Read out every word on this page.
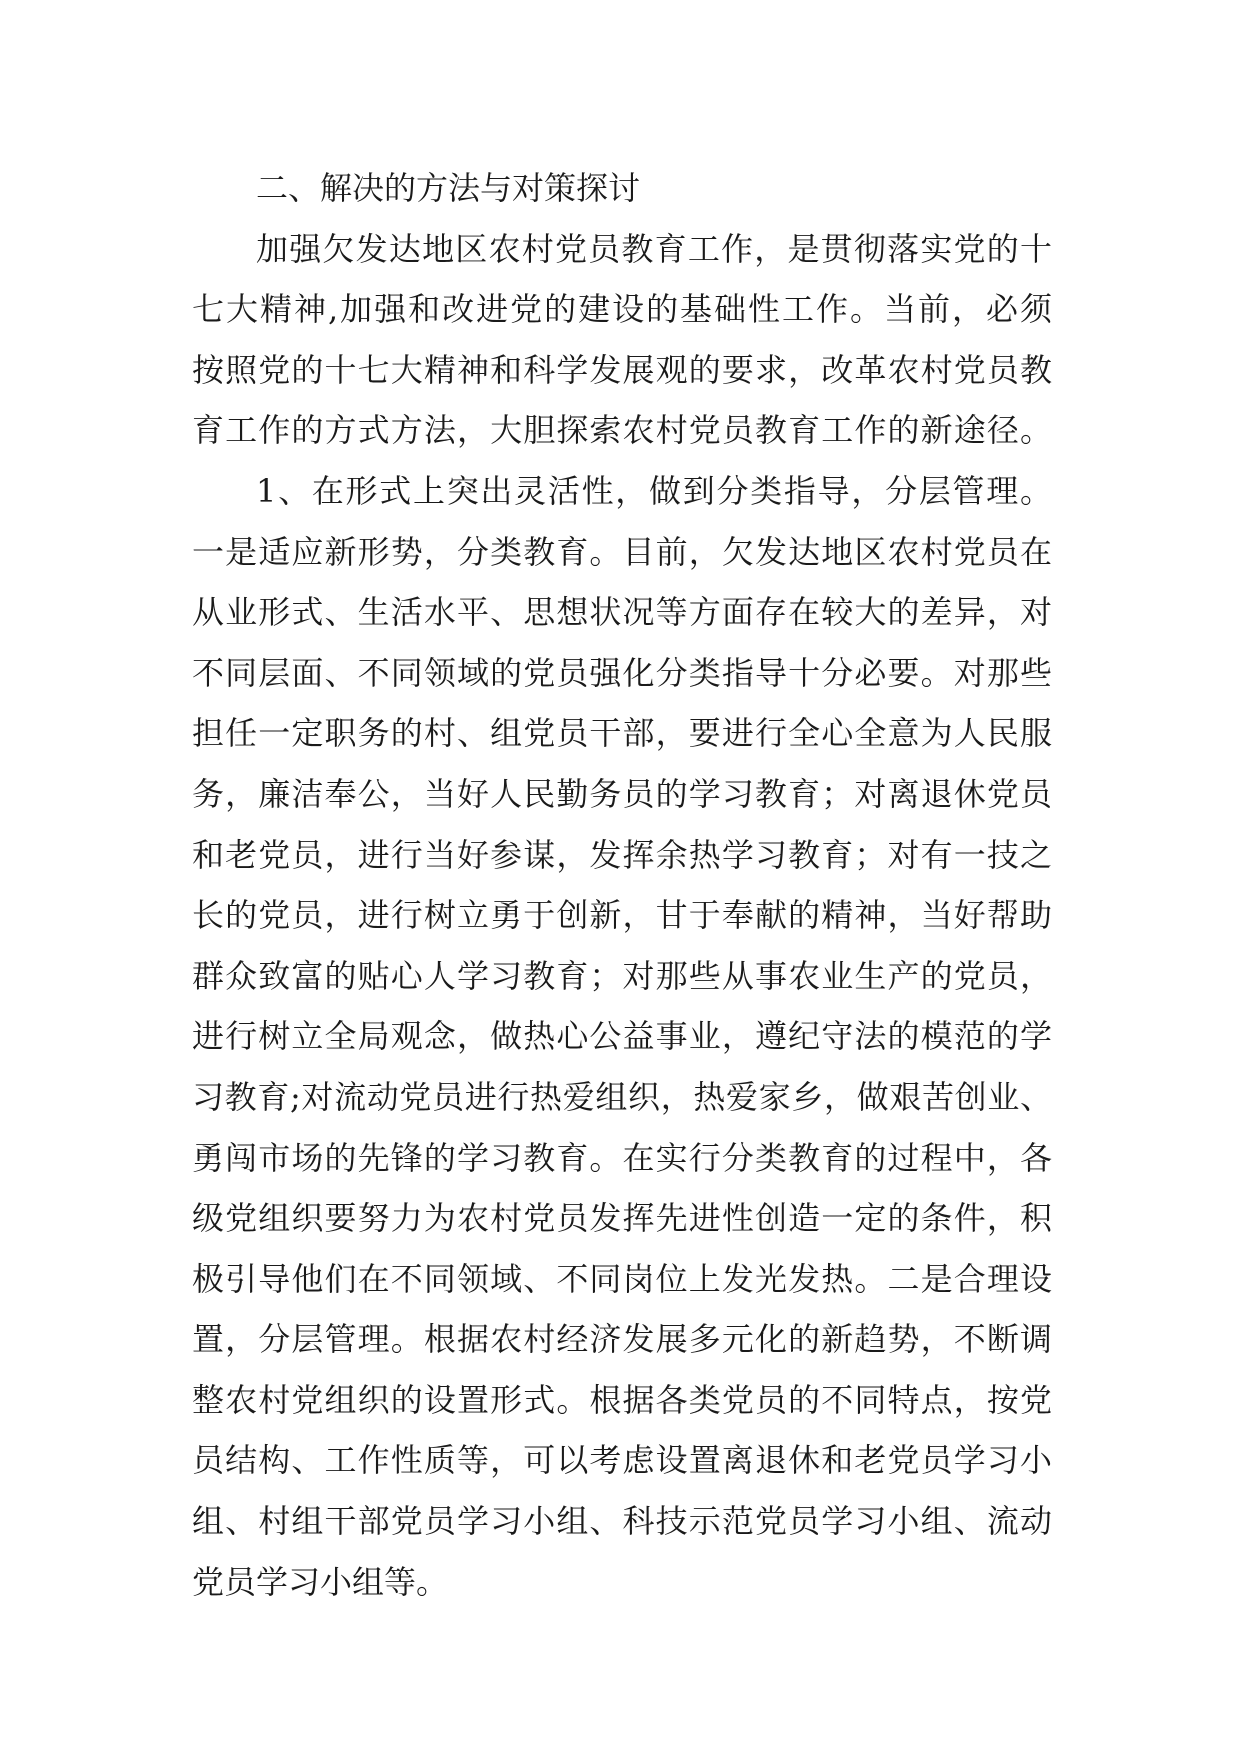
二、解决的方法与对策探讨
加强欠发达地区农村党员教育工作，是贯彻落实党的十
七大精神,加强和改进党的建设的基础性工作。当前，必须
按照党的十七大精神和科学发展观的要求，改革农村党员教
育工作的方式方法，大胆探索农村党员教育工作的新途径。
1、在形式上突出灵活性，做到分类指导，分层管理。
一是适应新形势，分类教育。目前，欠发达地区农村党员在
从业形式、生活水平、思想状况等方面存在较大的差异，对
不同层面、不同领域的党员强化分类指导十分必要。对那些
担任一定职务的村、组党员干部，要进行全心全意为人民服
务，廉洁奉公，当好人民勤务员的学习教育；对离退休党员
和老党员，进行当好参谋，发挥余热学习教育；对有一技之
长的党员，进行树立勇于创新，甘于奉献的精神，当好帮助
群众致富的贴心人学习教育；对那些从事农业生产的党员，
进行树立全局观念，做热心公益事业，遵纪守法的模范的学
习教育;对流动党员进行热爱组织，热爱家乡，做艰苦创业、
勇闯市场的先锋的学习教育。在实行分类教育的过程中，各
级党组织要努力为农村党员发挥先进性创造一定的条件，积
极引导他们在不同领域、不同岗位上发光发热。二是合理设
置，分层管理。根据农村经济发展多元化的新趋势，不断调
整农村党组织的设置形式。根据各类党员的不同特点，按党
员结构、工作性质等，可以考虑设置离退休和老党员学习小
组、村组干部党员学习小组、科技示范党员学习小组、流动
党员学习小组等。
